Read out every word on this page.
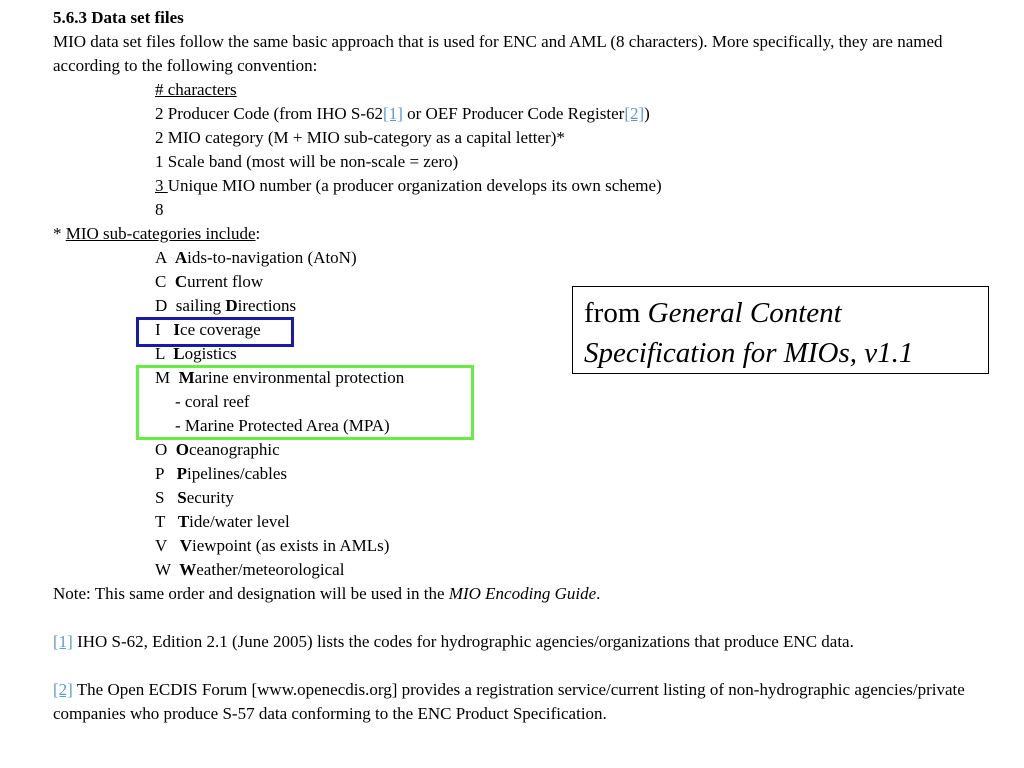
5.6.3 Data set files
MIO data set files follow the same basic approach that is used for ENC and AML (8 characters). More specifically, they are named according to the following convention:
# characters
2 Producer Code (from IHO S-62[1] or OEF Producer Code Register[2])
2 MIO category (M + MIO sub-category as a capital letter)*
1 Scale band (most will be non-scale = zero)
3 Unique MIO number (a producer organization develops its own scheme)
8
* MIO sub-categories include:
A  Aids-to-navigation (AtoN)
C  Current flow
D  sailing Directions
I   Ice coverage
L  Logistics
M  Marine environmental protection
- coral reef
- Marine Protected Area (MPA)
O  Oceanographic
P   Pipelines/cables
S   Security
T   Tide/water level
V   Viewpoint (as exists in AMLs)
W  Weather/meteorological
Note: This same order and designation will be used in the MIO Encoding Guide.
[1] IHO S-62, Edition 2.1 (June 2005) lists the codes for hydrographic agencies/organizations that produce ENC data.
[2] The Open ECDIS Forum [www.openecdis.org] provides a registration service/current listing of non-hydrographic agencies/private companies who produce S-57 data conforming to the ENC Product Specification.
from General Content Specification for MIOs, v1.1
